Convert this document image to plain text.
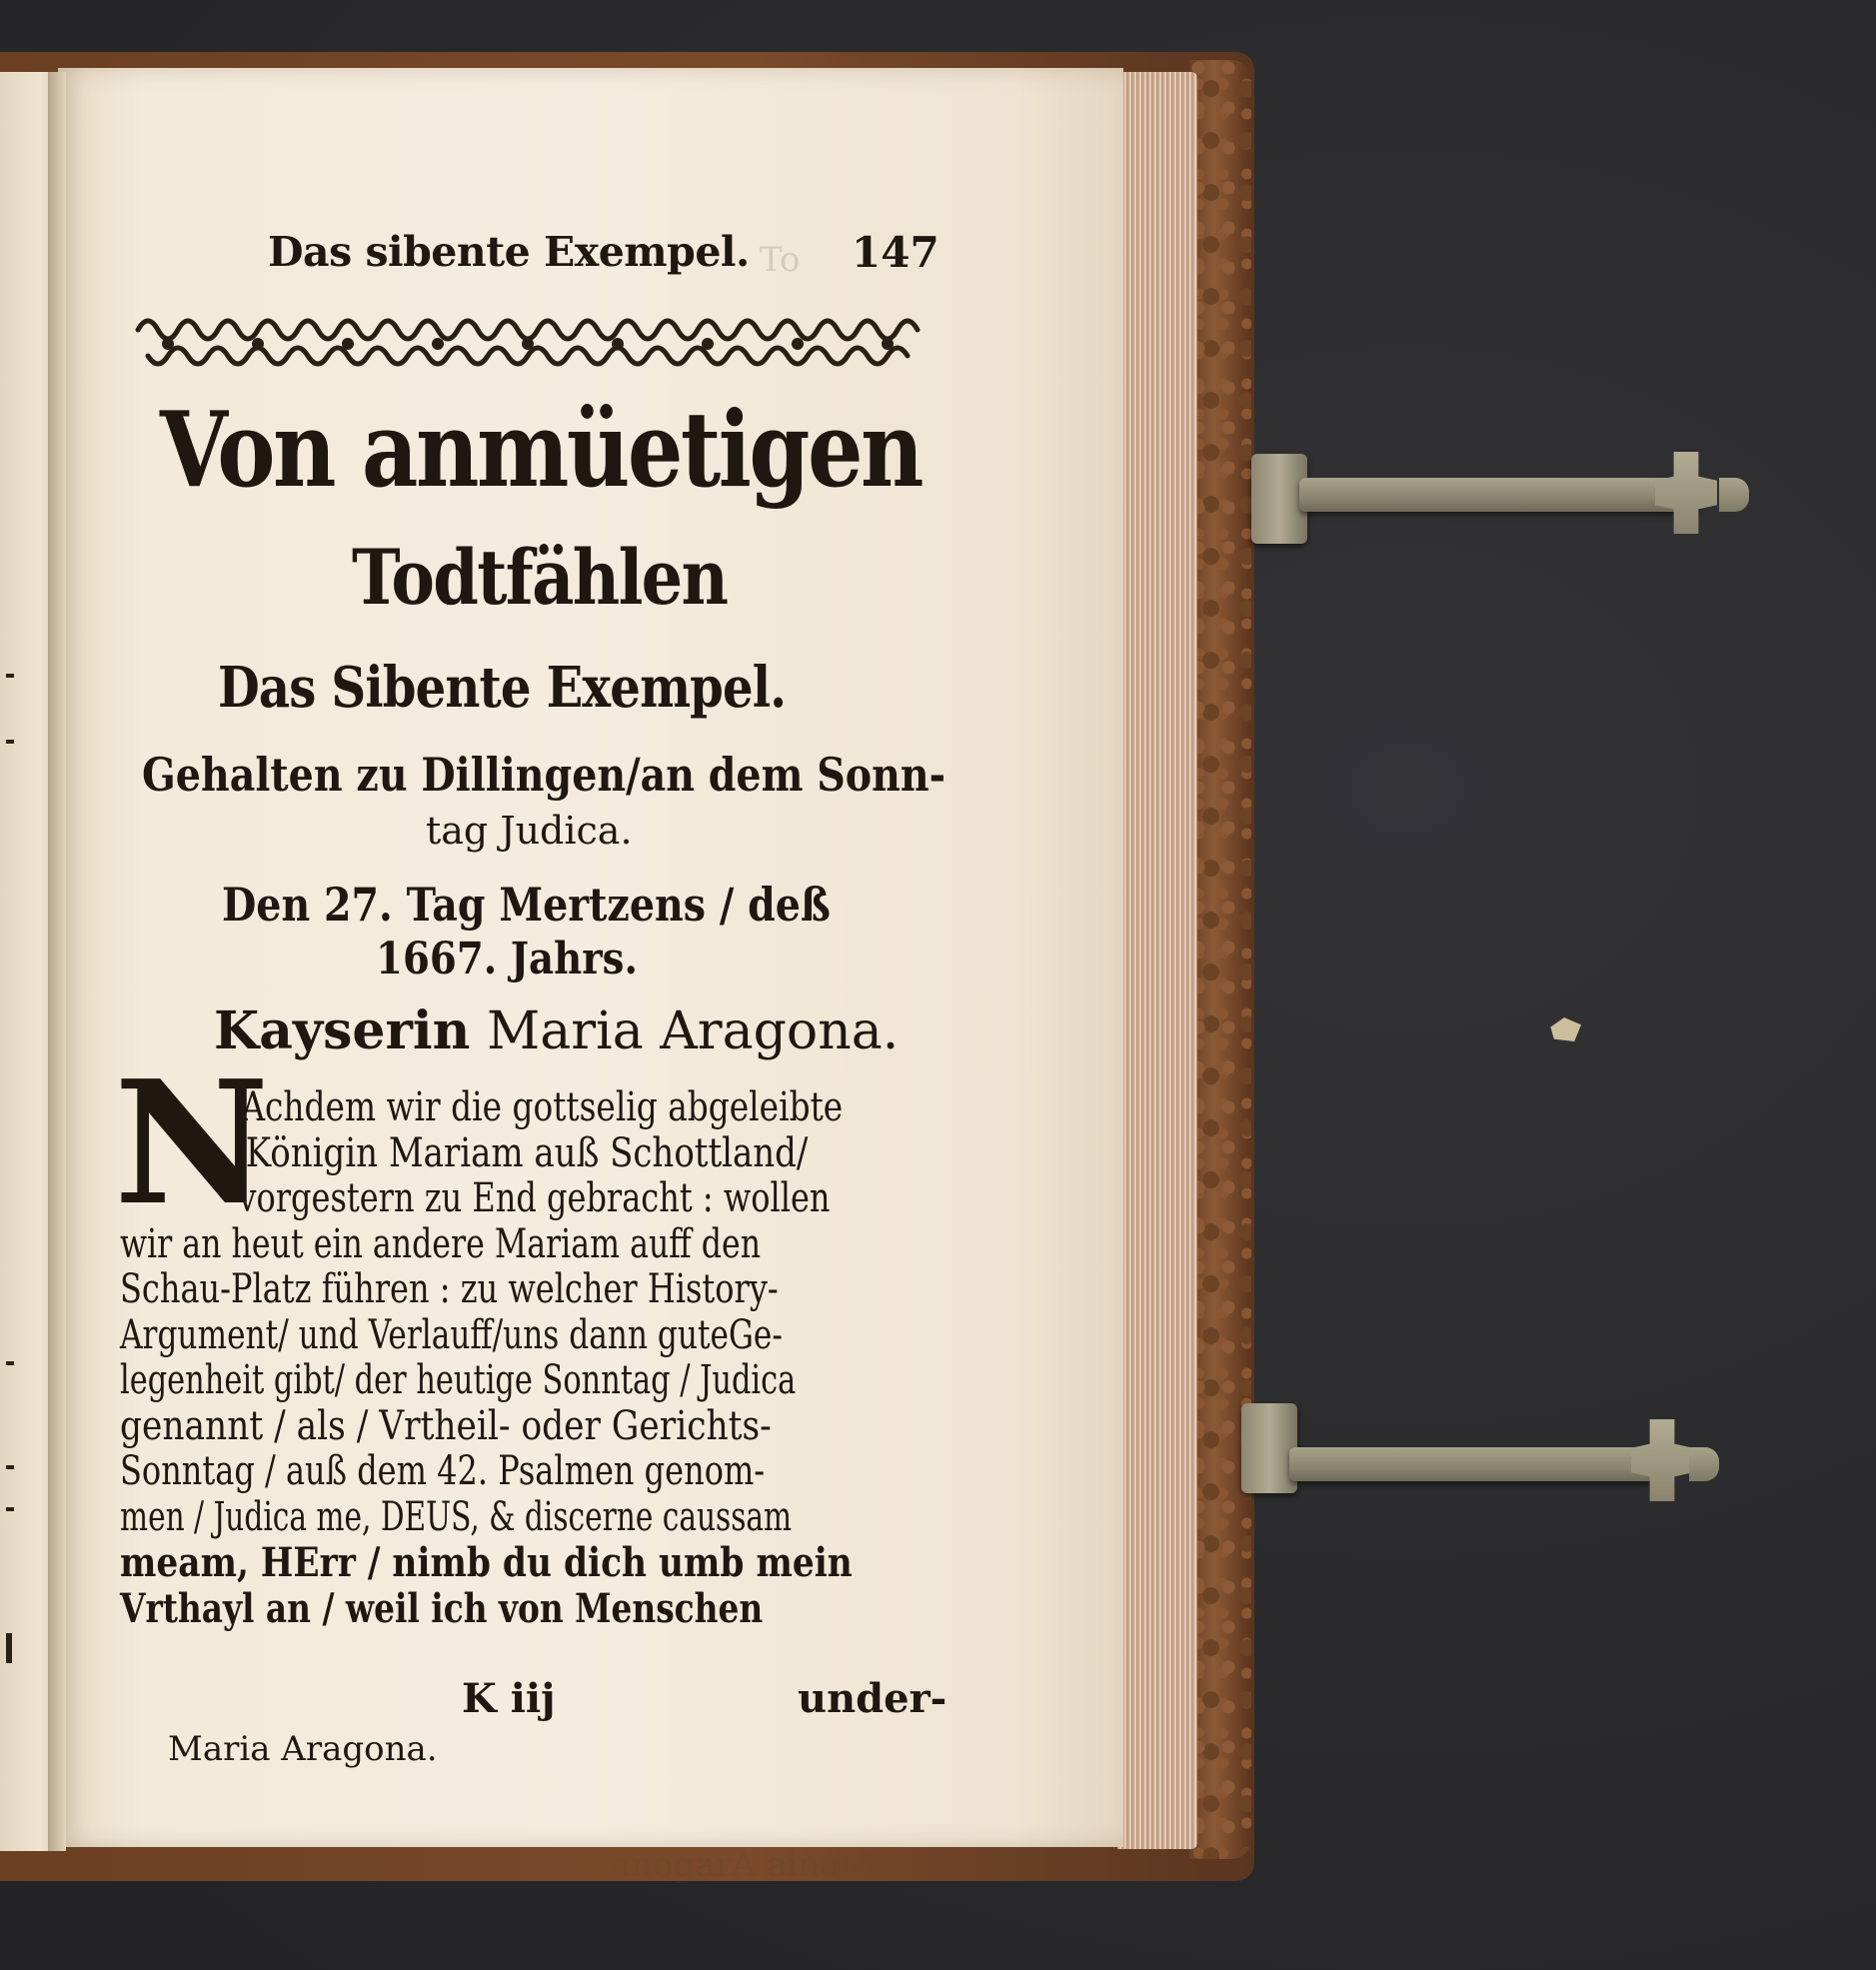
To
.anogarA ainaM
Das sibente Exempel. 147
Von anmüetigen
Todtfählen
Das Sibente Exempel.
Gehalten zu Dillingen/an dem Sonn-
tag Judica.
Den 27. Tag Mertzens / deß
1667. Jahrs.
Kayserin Maria Aragona.
N
Achdem wir die gottselig abgeleibte
Königin Mariam auß Schottland/
vorgestern zu End gebracht : wollen
wir an heut ein andere Mariam auff den
Schau-Platz führen : zu welcher History-
Argument/ und Verlauff/uns dann guteGe-
legenheit gibt/ der heutige Sonntag / Judica
genannt / als / Vrtheil- oder Gerichts-
Sonntag / auß dem 42. Psalmen genom-
men / Judica me, DEUS, & discerne caussam
meam, HErr / nimb du dich umb mein
Vrthayl an / weil ich von Menschen
K iij	under-
Maria Aragona.
